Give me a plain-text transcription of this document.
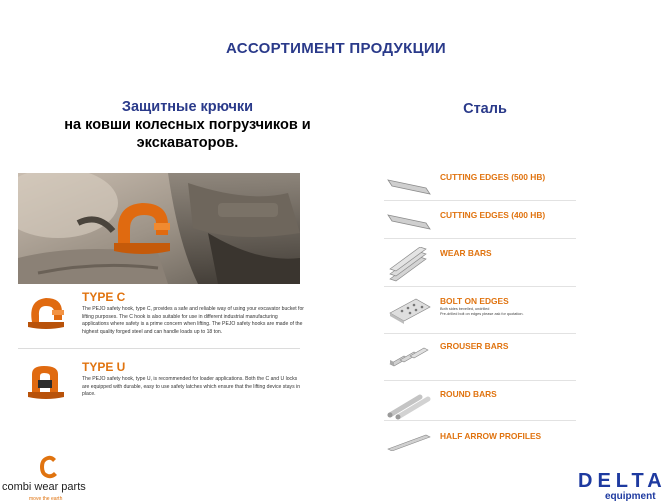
АССОРТИМЕНТ ПРОДУКЦИИ
Защитные крючки
на ковши колесных погрузчиков и
экскаваторов.
Сталь
TYPE C
The PEJO safety hook, type C, provides a safe and reliable way of using your excavator bucket for lifting purposes. The C hook is also suitable for use in different industrial manufacturing applications where safety is a prime concern when lifting. The PEJO safety hooks are made of the highest quality forged steel and can handle loads up to 18 ton.
TYPE U
The PEJO safety hook, type U, is recommended for loader applications. Both the C and U locks are equipped with durable, easy to use safety latches which ensure that the lifting device stays in place.
CUTTING EDGES (500 HB)
CUTTING EDGES (400 HB)
WEAR BARS
BOLT ON EDGES
Both sides bevelled, undrilled
Pre-drilled bolt on edges please ask for quotation.
GROUSER BARS
ROUND BARS
HALF ARROW PROFILES
combi wear parts
move the earth
DELTA
equipment
